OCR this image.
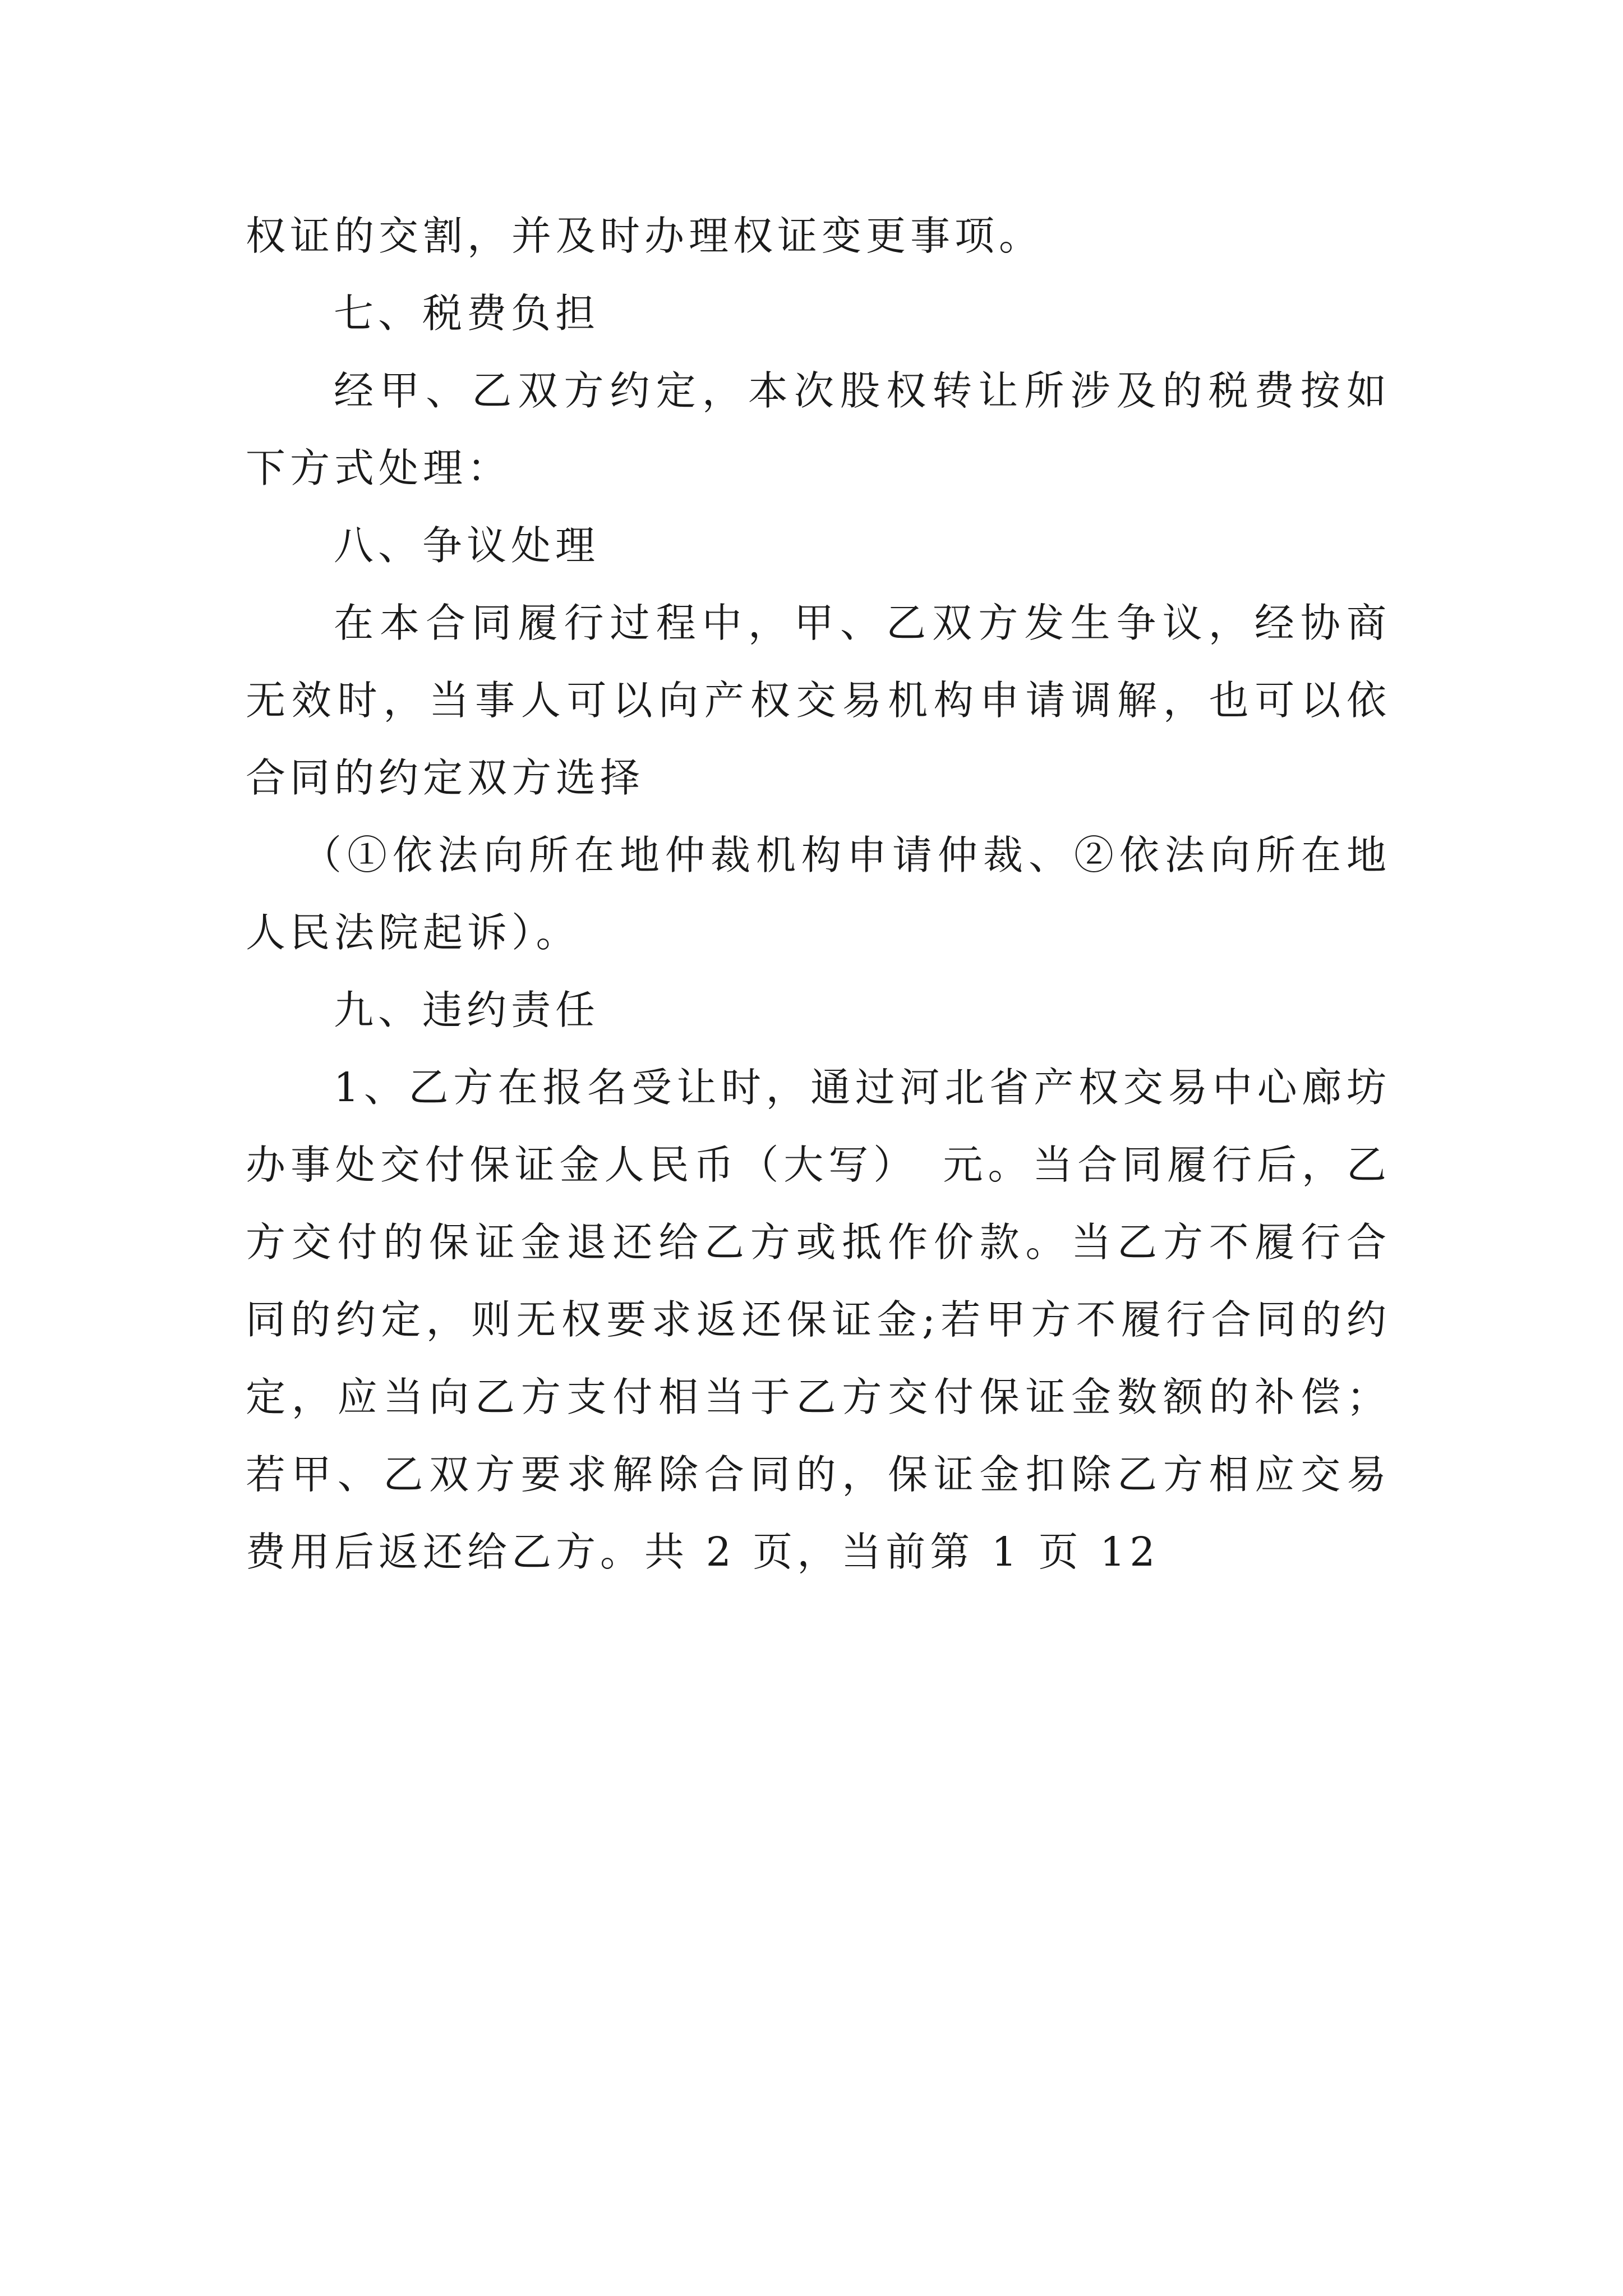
权证的交割，并及时办理权证变更事项。

七、税费负担

经甲、乙双方约定，本次股权转让所涉及的税费按如下方式处理：

八、争议处理

在本合同履行过程中，甲、乙双方发生争议，经协商无效时，当事人可以向产权交易机构申请调解，也可以依合同的约定双方选择

（①依法向所在地仲裁机构申请仲裁、②依法向所在地人民法院起诉）。

九、违约责任

1、乙方在报名受让时，通过河北省产权交易中心廊坊办事处交付保证金人民币（大写）　元。当合同履行后，乙方交付的保证金退还给乙方或抵作价款。当乙方不履行合同的约定，则无权要求返还保证金;若甲方不履行合同的约定，应当向乙方支付相当于乙方交付保证金数额的补偿；若甲、乙双方要求解除合同的，保证金扣除乙方相应交易费用后返还给乙方。共 2 页，当前第 1 页 12
